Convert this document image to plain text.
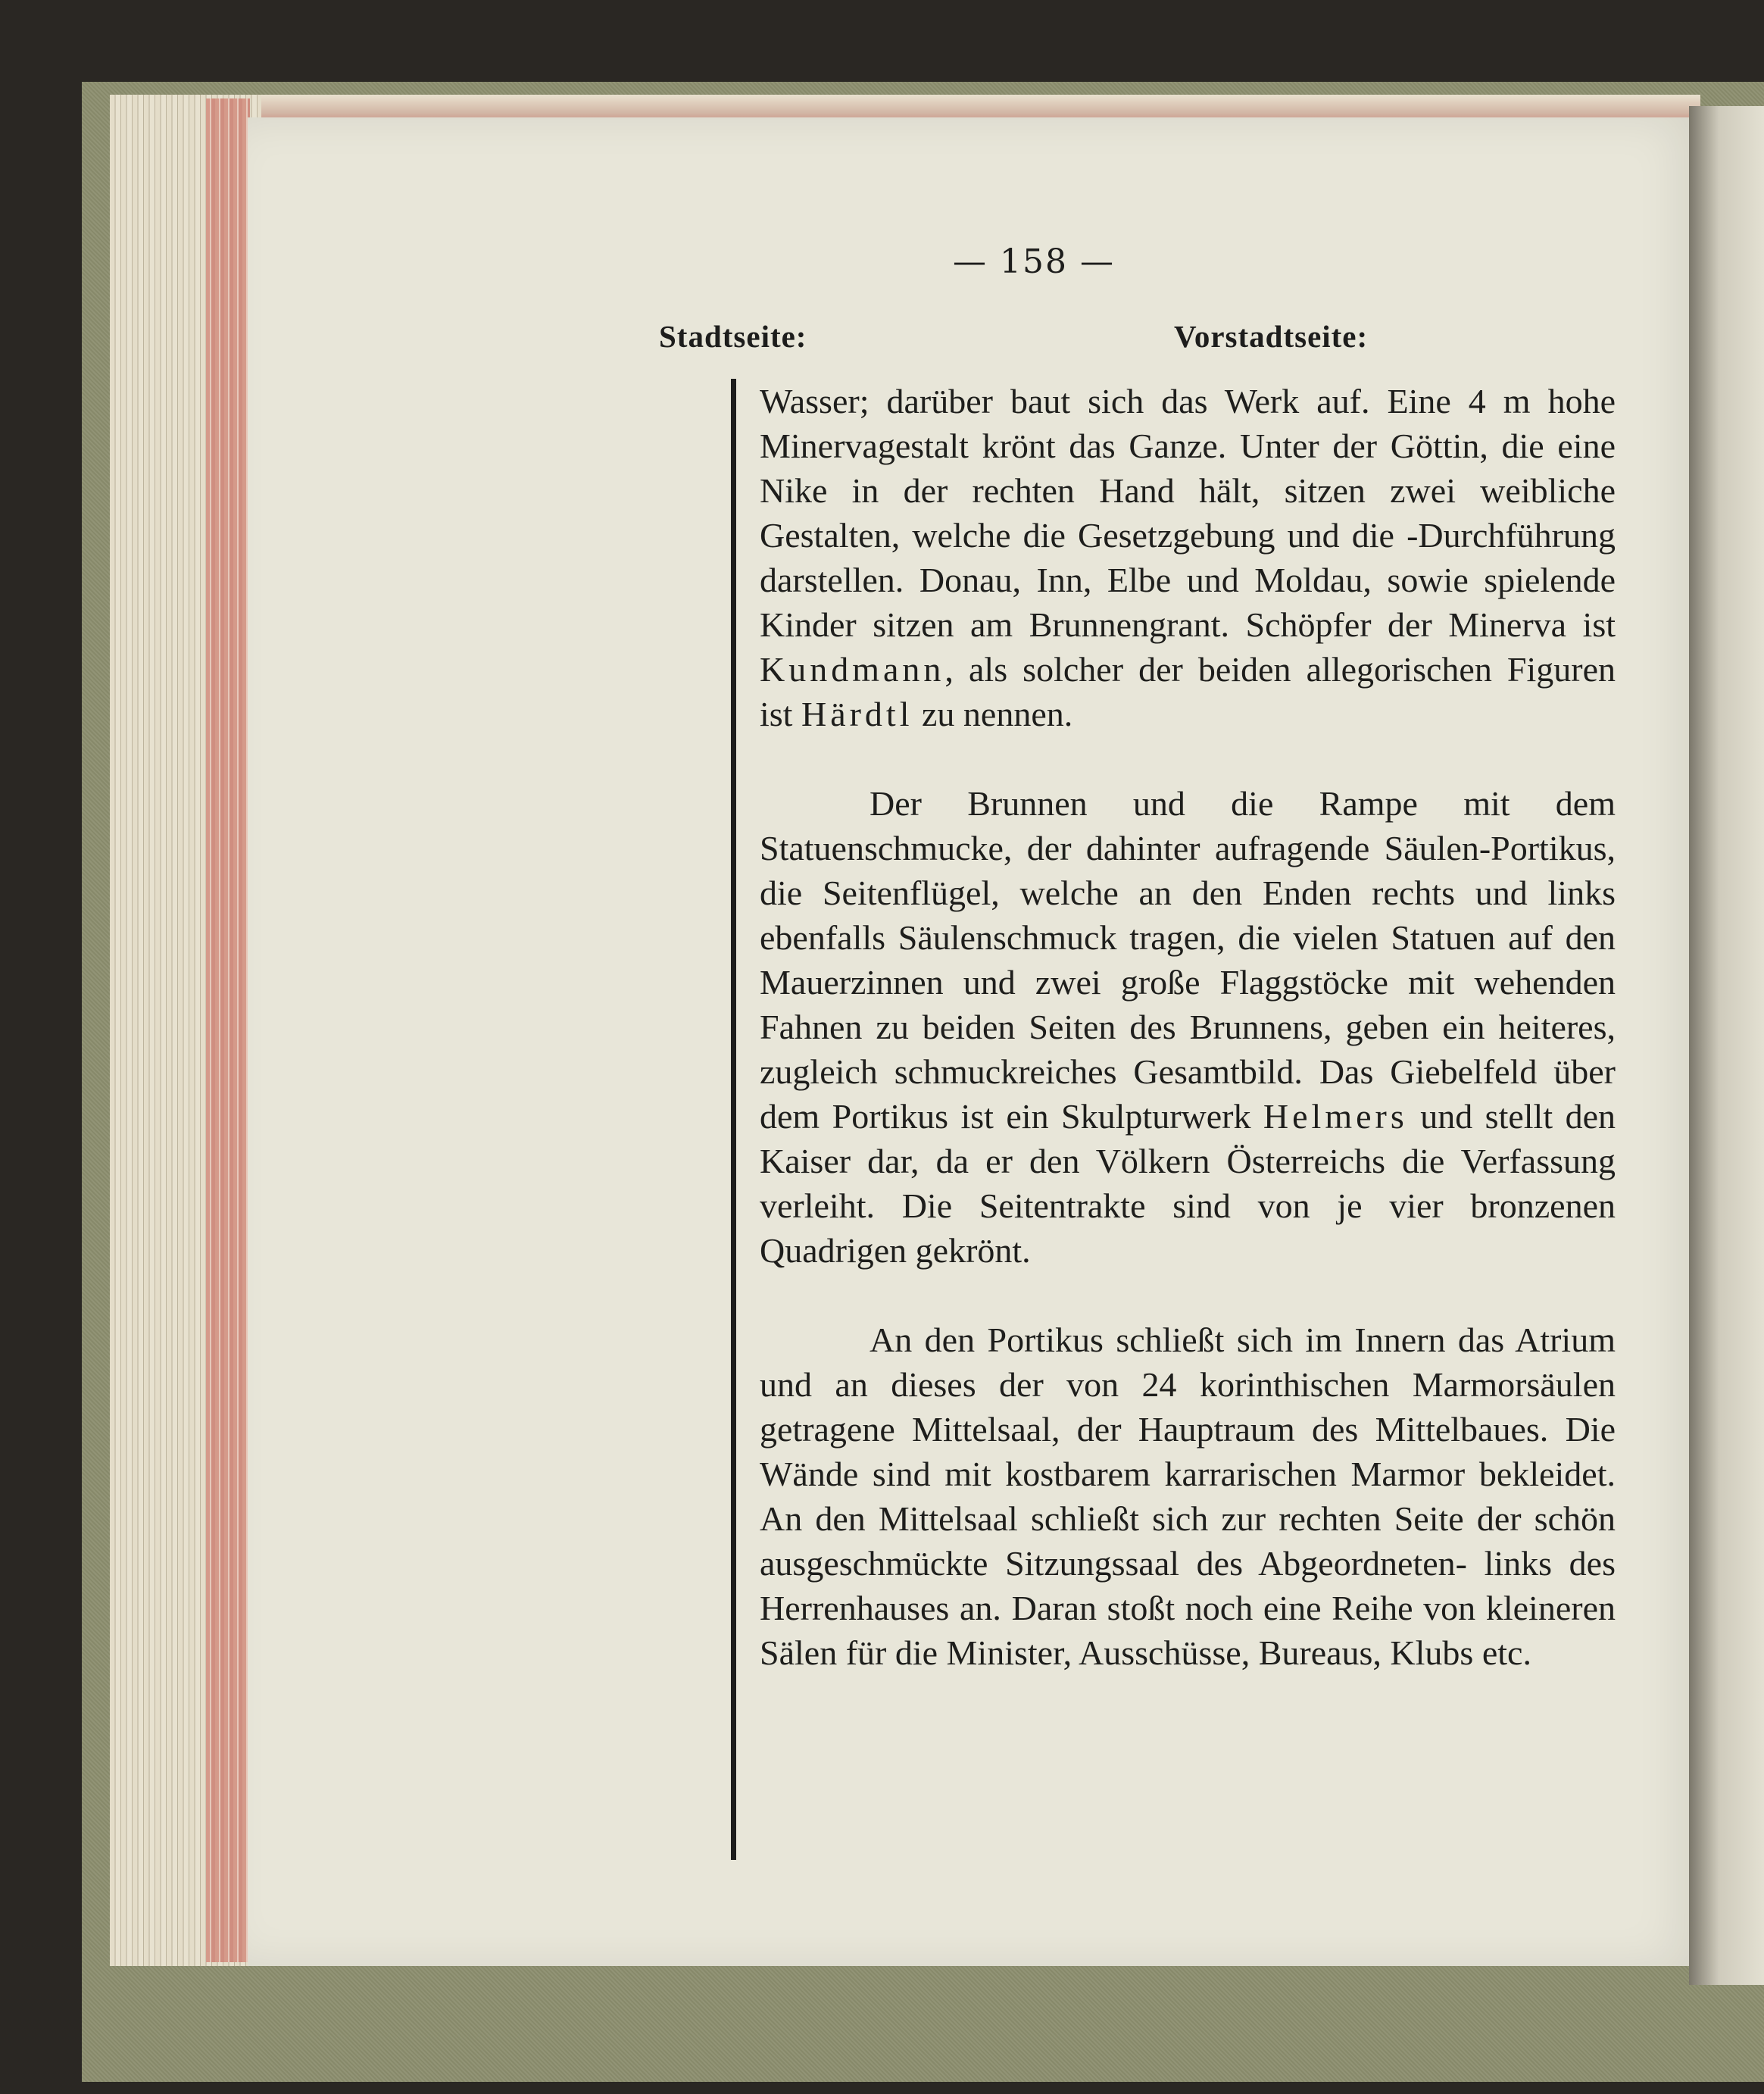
— 158 —
Stadtseite:	Vorstadtseite:

Wasser; darüber baut sich das Werk auf. Eine 4 m hohe Minervagestalt krönt das Ganze. Unter der Göttin, die eine Nike in der rechten Hand hält, sitzen zwei weibliche Gestalten, welche die Gesetzgebung und die -Durchführung darstellen. Donau, Inn, Elbe und Moldau, sowie spielende Kinder sitzen am Brunnengrant. Schöpfer der Minerva ist Kundmann, als solcher der beiden allegorischen Figuren ist Härdtl zu nennen.

Der Brunnen und die Rampe mit dem Statuenschmucke, der dahinter aufragende Säulen-Portikus, die Seitenflügel, welche an den Enden rechts und links ebenfalls Säulenschmuck tragen, die vielen Statuen auf den Mauerzinnen und zwei große Flaggstöcke mit wehenden Fahnen zu beiden Seiten des Brunnens, geben ein heiteres, zugleich schmuckreiches Gesamtbild. Das Giebelfeld über dem Portikus ist ein Skulpturwerk Helmers und stellt den Kaiser dar, da er den Völkern Österreichs die Verfassung verleiht. Die Seitentrakte sind von je vier bronzenen Quadrigen gekrönt.

An den Portikus schließt sich im Innern das Atrium und an dieses der von 24 korinthischen Marmorsäulen getragene Mittelsaal, der Hauptraum des Mittelbaues. Die Wände sind mit kostbarem karrarischen Marmor bekleidet. An den Mittelsaal schließt sich zur rechten Seite der schön ausgeschmückte Sitzungssaal des Abgeordneten- links des Herrenhauses an. Daran stoßt noch eine Reihe von kleineren Sälen für die Minister, Ausschüsse, Bureaus, Klubs etc.
